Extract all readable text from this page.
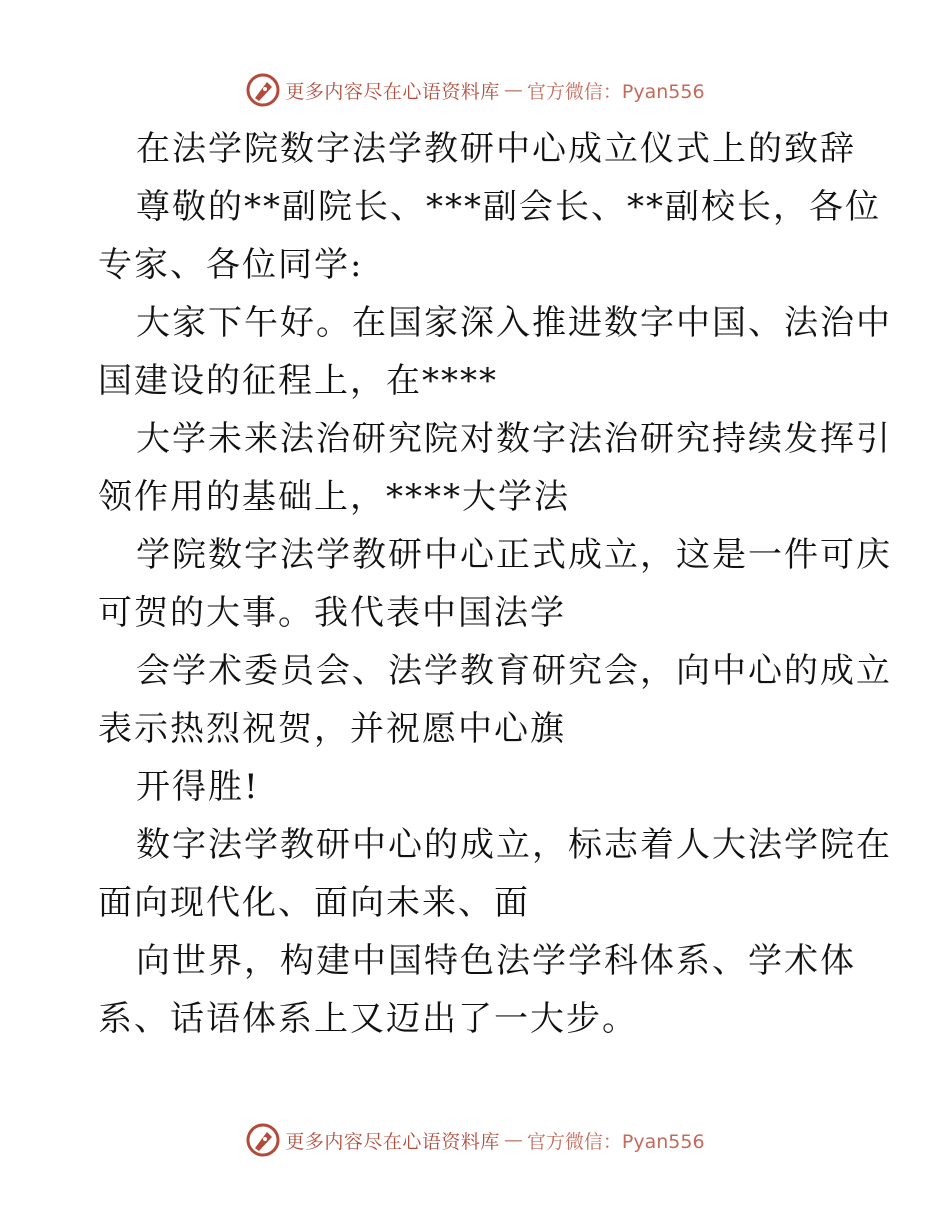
更多内容尽在心语资料库 — 官方微信：Pyan556
在法学院数字法学教研中心成立仪式上的致辞
尊敬的**副院长、***副会长、**副校长，各位
专家、各位同学:
大家下午好。在国家深入推进数字中国、法治中
国建设的征程上，在****
大学未来法治研究院对数字法治研究持续发挥引
领作用的基础上，****大学法
学院数字法学教研中心正式成立，这是一件可庆
可贺的大事。我代表中国法学
会学术委员会、法学教育研究会，向中心的成立
表示热烈祝贺，并祝愿中心旗
开得胜!
数字法学教研中心的成立，标志着人大法学院在
面向现代化、面向未来、面
向世界，构建中国特色法学学科体系、学术体
系、话语体系上又迈出了一大步。
更多内容尽在心语资料库 — 官方微信：Pyan556
